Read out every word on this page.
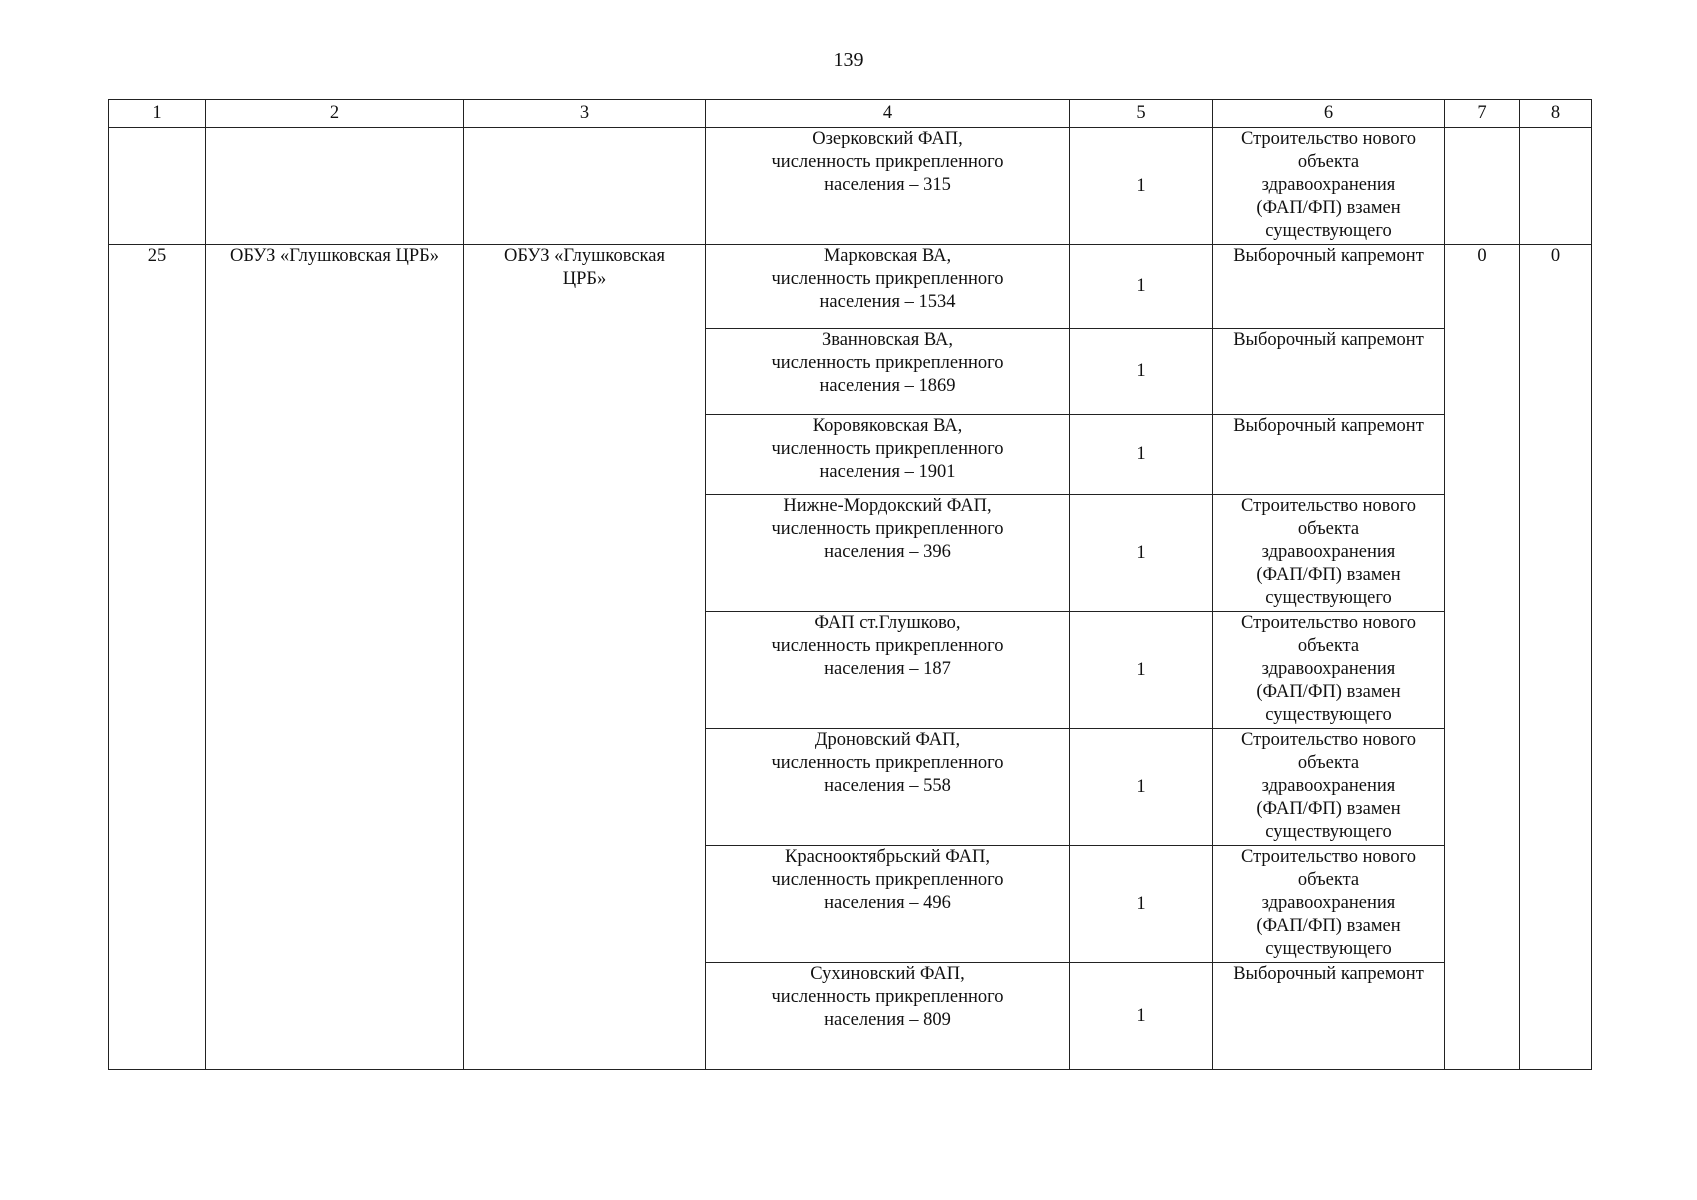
139
1	2	3	4	5	6	7	8

			Озерковский ФАП,
численность прикрепленного
населения – 315	1	Строительство нового
объекта
здравоохранения
(ФАП/ФП) взамен
существующего		

25	ОБУЗ «Глушковская ЦРБ»	ОБУЗ «Глушковская
ЦРБ»	Марковская ВА,
численность прикрепленного
населения – 1534	1	Выборочный капремонт	0	0

			Званновская ВА,
численность прикрепленного
населения – 1869	1	Выборочный капремонт		

			Коровяковская ВА,
численность прикрепленного
населения – 1901	1	Выборочный капремонт		

			Нижне-Мордокский ФАП,
численность прикрепленного
населения – 396	1	Строительство нового
объекта
здравоохранения
(ФАП/ФП) взамен
существующего		

			ФАП ст.Глушково,
численность прикрепленного
населения – 187	1	Строительство нового
объекта
здравоохранения
(ФАП/ФП) взамен
существующего		

			Дроновский ФАП,
численность прикрепленного
населения – 558	1	Строительство нового
объекта
здравоохранения
(ФАП/ФП) взамен
существующего		

			Краснооктябрьский ФАП,
численность прикрепленного
населения – 496	1	Строительство нового
объекта
здравоохранения
(ФАП/ФП) взамен
существующего		

			Сухиновский ФАП,
численность прикрепленного
населения – 809	1	Выборочный капремонт		
